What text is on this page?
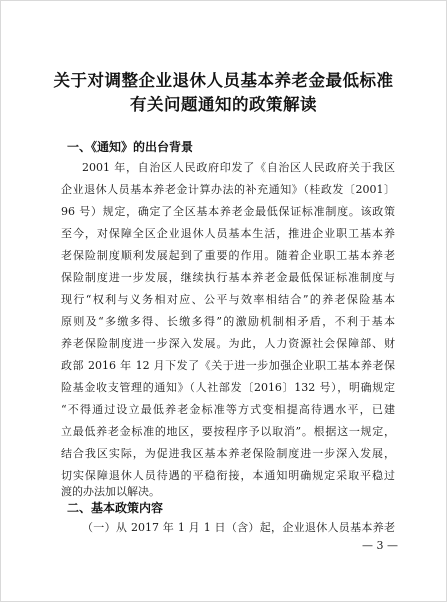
关于对调整企业退休人员基本养老金最低标准
有关问题通知的政策解读
一、《通知》的出台背景
2001 年，自治区人民政府印发了《自治区人民政府关于我区
企业退休人员基本养老金计算办法的补充通知》（桂政发〔2001〕
96 号）规定，确定了全区基本养老金最低保证标准制度。该政策
至今，对保障全区企业退休人员基本生活，推进企业职工基本养
老保险制度顺利发展起到了重要的作用。随着企业职工基本养老
保险制度进一步发展，继续执行基本养老金最低保证标准制度与
现行“权利与义务相对应、公平与效率相结合”的养老保险基本
原则及“多缴多得、长缴多得”的激励机制相矛盾，不利于基本
养老保险制度进一步深入发展。为此，人力资源社会保障部、财
政部 2016 年 12 月下发了《关于进一步加强企业职工基本养老保
险基金收支管理的通知》（人社部发〔2016〕132 号），明确规定
“不得通过设立最低养老金标准等方式变相提高待遇水平，已建
立最低养老金标准的地区，要按程序予以取消”。根据这一规定，
结合我区实际，为促进我区基本养老保险制度进一步深入发展，
切实保障退休人员待遇的平稳衔接，本通知明确规定采取平稳过
渡的办法加以解决。
二、基本政策内容
（一）从 2017 年 1 月 1 日（含）起，企业退休人员基本养老
— 3 —
